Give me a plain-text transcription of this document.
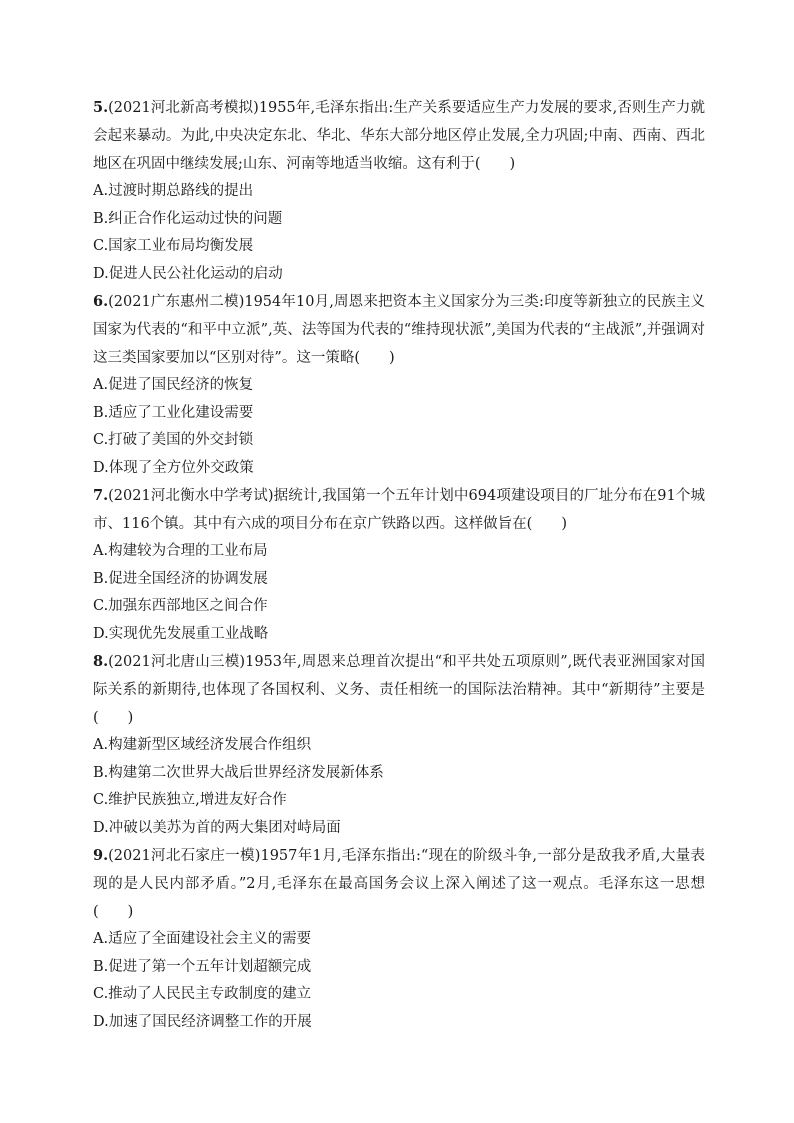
5.(2021河北新高考模拟)1955年,毛泽东指出:生产关系要适应生产力发展的要求,否则生产力就会起来暴动。为此,中央决定东北、华北、华东大部分地区停止发展,全力巩固;中南、西南、西北地区在巩固中继续发展;山东、河南等地适当收缩。这有利于(　　)
A.过渡时期总路线的提出
B.纠正合作化运动过快的问题
C.国家工业布局均衡发展
D.促进人民公社化运动的启动
6.(2021广东惠州二模)1954年10月,周恩来把资本主义国家分为三类:印度等新独立的民族主义国家为代表的“和平中立派”,英、法等国为代表的“维持现状派”,美国为代表的“主战派”,并强调对这三类国家要加以“区别对待”。这一策略(　　)
A.促进了国民经济的恢复
B.适应了工业化建设需要
C.打破了美国的外交封锁
D.体现了全方位外交政策
7.(2021河北衡水中学考试)据统计,我国第一个五年计划中694项建设项目的厂址分布在91个城市、116个镇。其中有六成的项目分布在京广铁路以西。这样做旨在(　　)
A.构建较为合理的工业布局
B.促进全国经济的协调发展
C.加强东西部地区之间合作
D.实现优先发展重工业战略
8.(2021河北唐山三模)1953年,周恩来总理首次提出“和平共处五项原则”,既代表亚洲国家对国际关系的新期待,也体现了各国权利、义务、责任相统一的国际法治精神。其中“新期待”主要是(　　)
A.构建新型区域经济发展合作组织
B.构建第二次世界大战后世界经济发展新体系
C.维护民族独立,增进友好合作
D.冲破以美苏为首的两大集团对峙局面
9.(2021河北石家庄一模)1957年1月,毛泽东指出:“现在的阶级斗争,一部分是敌我矛盾,大量表现的是人民内部矛盾。”2月,毛泽东在最高国务会议上深入阐述了这一观点。毛泽东这一思想(　　)
A.适应了全面建设社会主义的需要
B.促进了第一个五年计划超额完成
C.推动了人民民主专政制度的建立
D.加速了国民经济调整工作的开展
